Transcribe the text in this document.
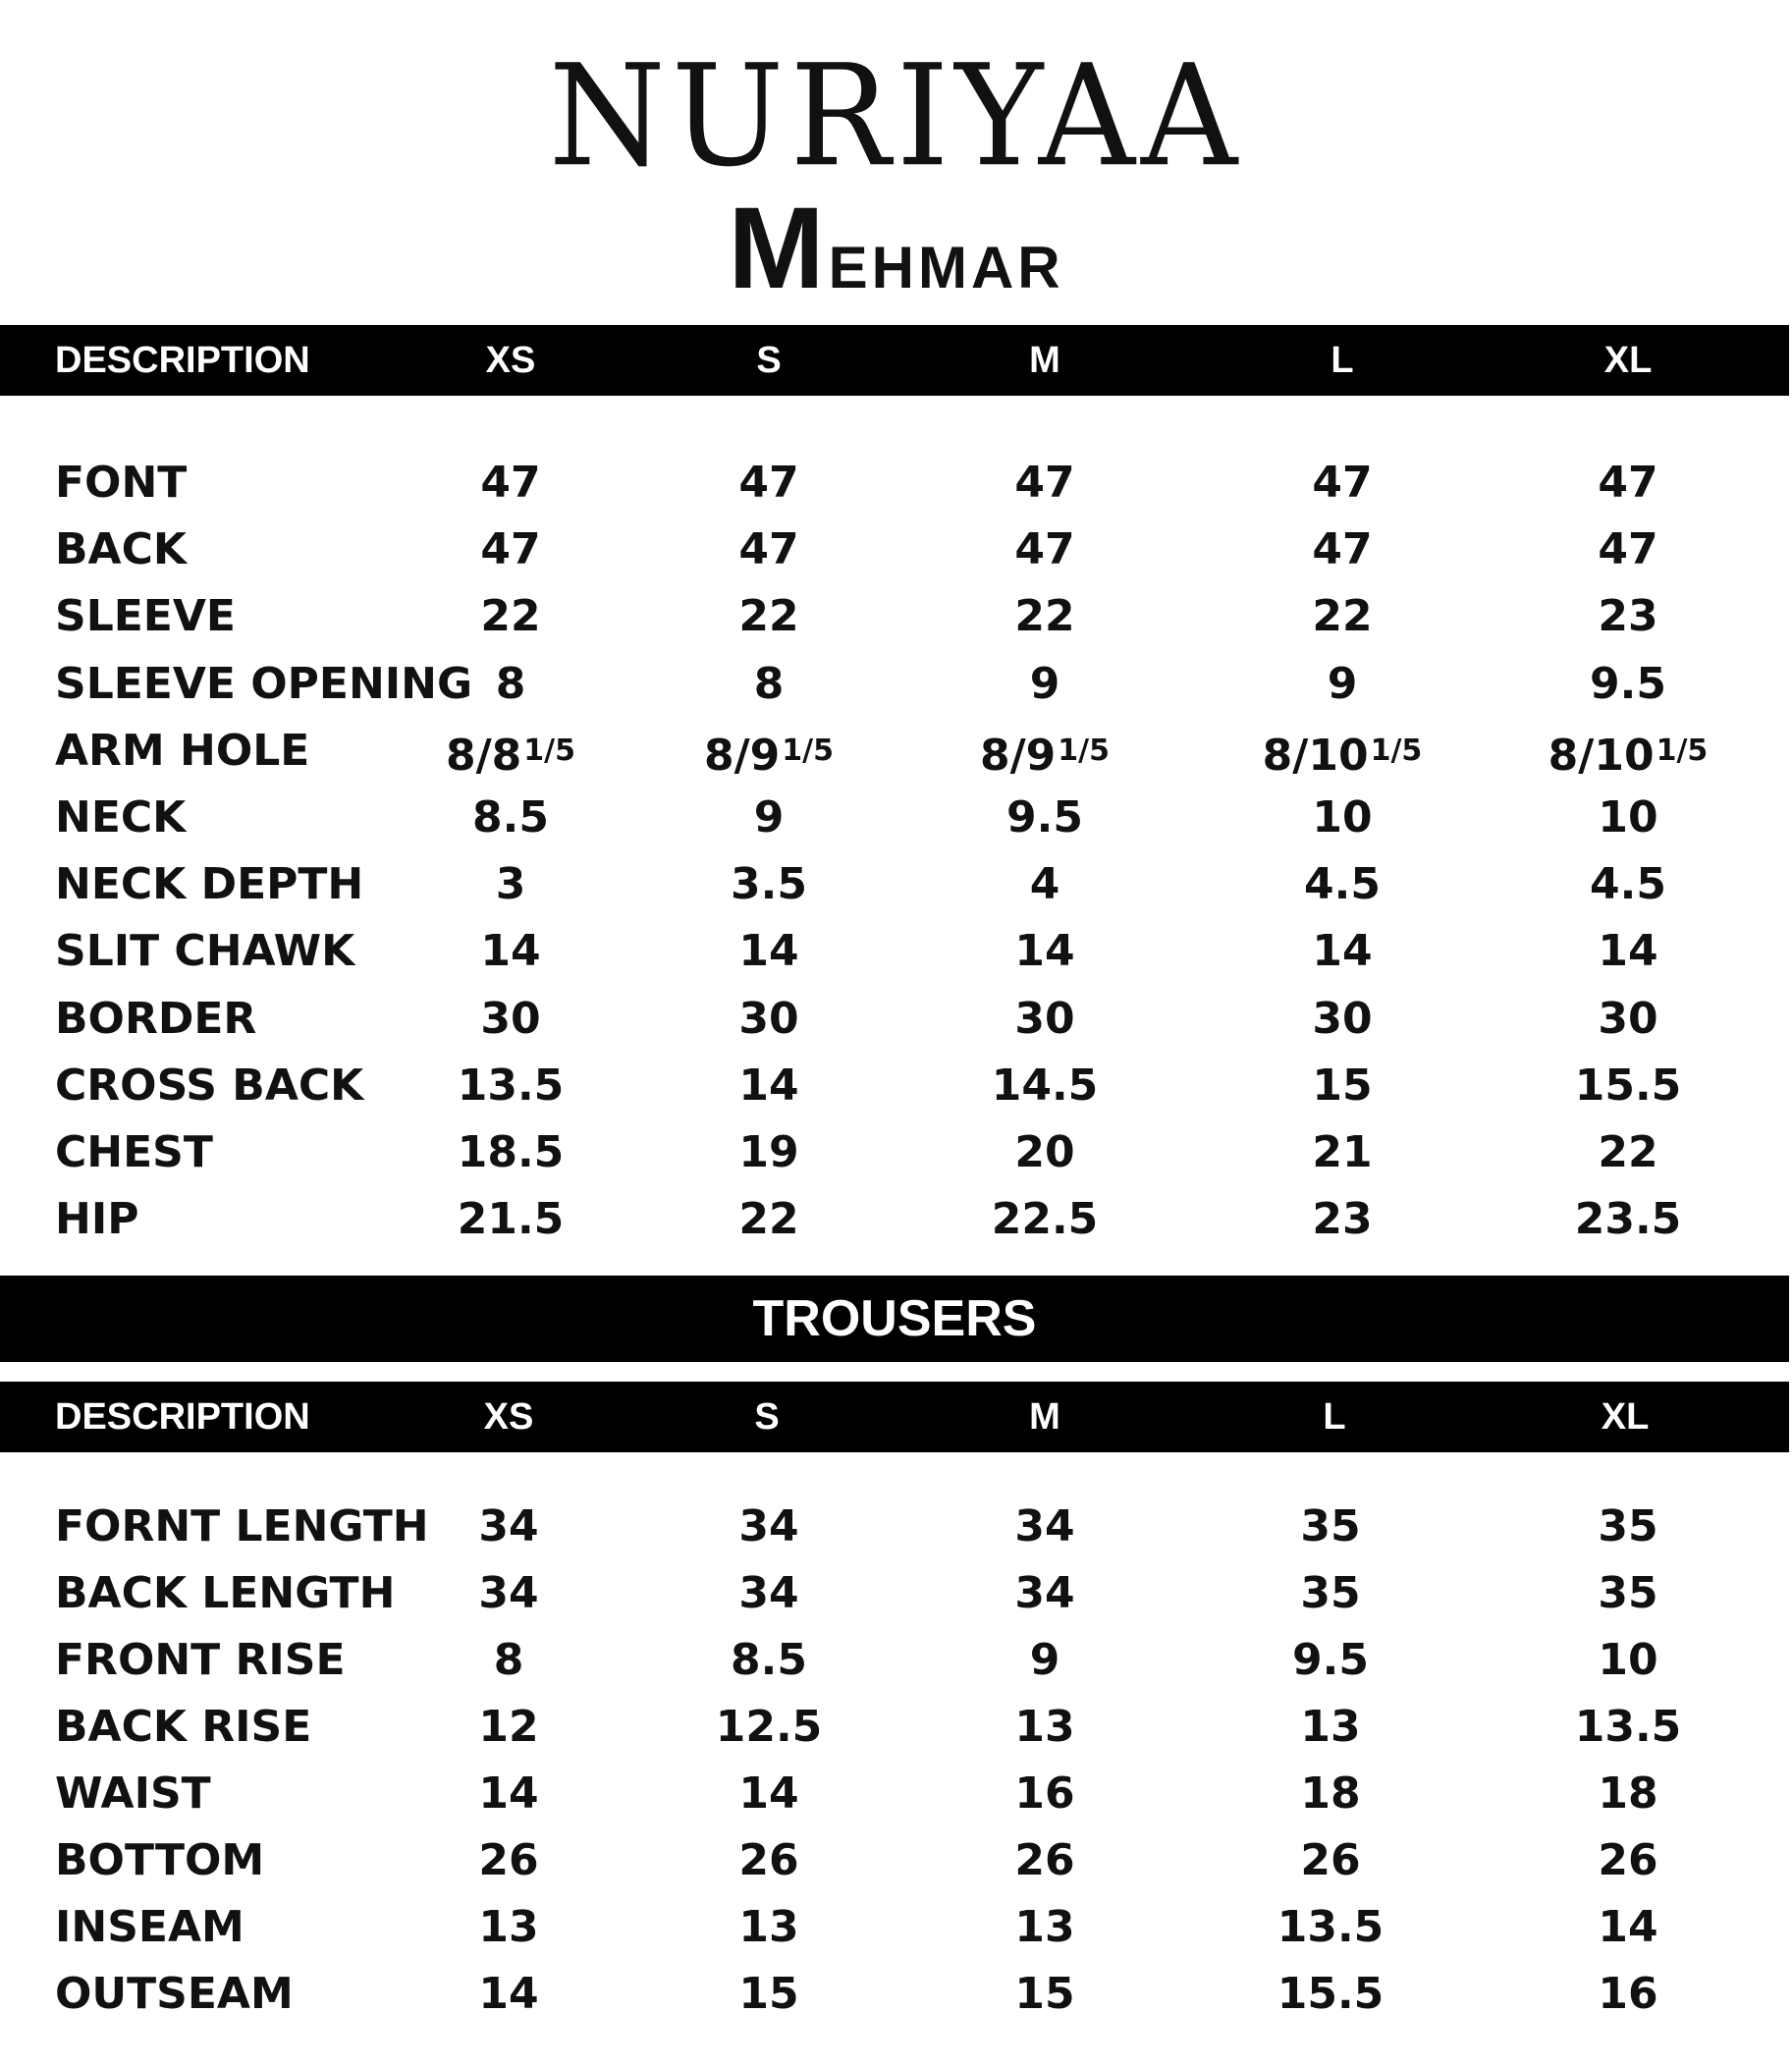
NURIYAA
Mehmar
DESCRIPTION	XS	S	M	L	XL
FONT	47	47	47	47	47
BACK	47	47	47	47	47
SLEEVE	22	22	22	22	23
SLEEVE OPENING 8	8	9	9	9.5
ARM HOLE	$8/8^{1/5}$	$8/9^{1/5}$	$8/9^{1/5}$	$8/10^{1/5}$	$8/10^{1/5}$
NECK	8.5	9	9.5	10	10
NECK DEPTH	3	3.5	4	4.5	4.5
SLIT CHAWK	14	14	14	14	14
BORDER	30	30	30	30	30
CROSS BACK 13.5	14	14.5	15	15.5
CHEST	18.5	19	20	21	22
HIP	21.5	22	22.5	23	23.5
TROUSERS
DESCRIPTION	XS	S	M	L	XL
FORNT LENGTH 34	34	34	35	35
BACK LENGTH 34	34	34	35	35
FRONT RISE	8	8.5	9	9.5	10
BACK RISE	12	12.5	13	13	13.5
WAIST	14	14	16	18	18
BOTTOM	26	26	26	26	26
INSEAM	13	13	13	13.5	14
OUTSEAM	14	15	15	15.5	16
